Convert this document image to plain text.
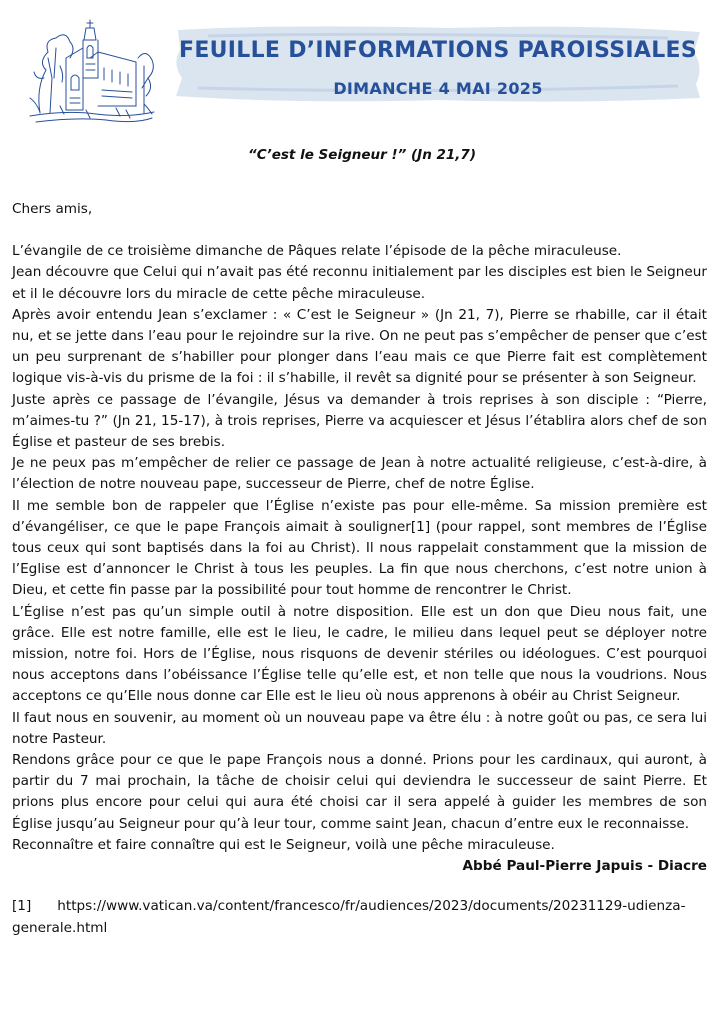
FEUILLE D’INFORMATIONS PAROISSIALES
DIMANCHE 4 MAI 2025
“C’est le Seigneur !” (Jn 21,7)

Chers amis,

L’évangile de ce troisième dimanche de Pâques relate l’épisode de la pêche miraculeuse.

Jean découvre que Celui qui n’avait pas été reconnu initialement par les disciples est bien le Seigneur et il le découvre lors du miracle de cette pêche miraculeuse.

Après avoir entendu Jean s’exclamer : « C’est le Seigneur » (Jn 21, 7), Pierre se rhabille, car il était nu, et se jette dans l’eau pour le rejoindre sur la rive. On ne peut pas s’empêcher de penser que c’est un peu surprenant de s’habiller pour plonger dans l’eau mais ce que Pierre fait est complètement logique vis-à-vis du prisme de la foi : il s’habille, il revêt sa dignité pour se présenter à son Seigneur.

Juste après ce passage de l’évangile, Jésus va demander à trois reprises à son disciple : “Pierre, m’aimes-tu ?” (Jn 21, 15-17), à trois reprises, Pierre va acquiescer et Jésus l’établira alors chef de son Église et pasteur de ses brebis.

Je ne peux pas m’empêcher de relier ce passage de Jean à notre actualité religieuse, c’est-à-dire, à l’élection de notre nouveau pape, successeur de Pierre, chef de notre Église.

Il me semble bon de rappeler que l’Église n’existe pas pour elle-même. Sa mission première est d’évangéliser, ce que le pape François aimait à souligner[1] (pour rappel, sont membres de l’Église tous ceux qui sont baptisés dans la foi au Christ). Il nous rappelait constamment que la mission de l’Eglise est d’annoncer le Christ à tous les peuples. La fin que nous cherchons, c’est notre union à Dieu, et cette fin passe par la possibilité pour tout homme de rencontrer le Christ.

L’Église n’est pas qu’un simple outil à notre disposition. Elle est un don que Dieu nous fait, une grâce. Elle est notre famille, elle est le lieu, le cadre, le milieu dans lequel peut se déployer notre mission, notre foi. Hors de l’Église, nous risquons de devenir stériles ou idéologues. C’est pourquoi nous acceptons dans l’obéissance l’Église telle qu’elle est, et non telle que nous la voudrions. Nous acceptons ce qu’Elle nous donne car Elle est le lieu où nous apprenons à obéir au Christ Seigneur.

Il faut nous en souvenir, au moment où un nouveau pape va être élu : à notre goût ou pas, ce sera lui notre Pasteur.

Rendons grâce pour ce que le pape François nous a donné. Prions pour les cardinaux, qui auront, à partir du 7 mai prochain, la tâche de choisir celui qui deviendra le successeur de saint Pierre. Et prions plus encore pour celui qui aura été choisi car il sera appelé à guider les membres de son Église jusqu’au Seigneur pour qu’à leur tour, comme saint Jean, chacun d’entre eux le reconnaisse.

Reconnaître et faire connaître qui est le Seigneur, voilà une pêche miraculeuse.

Abbé Paul-Pierre Japuis - Diacre

[1] https://www.vatican.va/content/francesco/fr/audiences/2023/documents/20231129-udienza-generale.html
